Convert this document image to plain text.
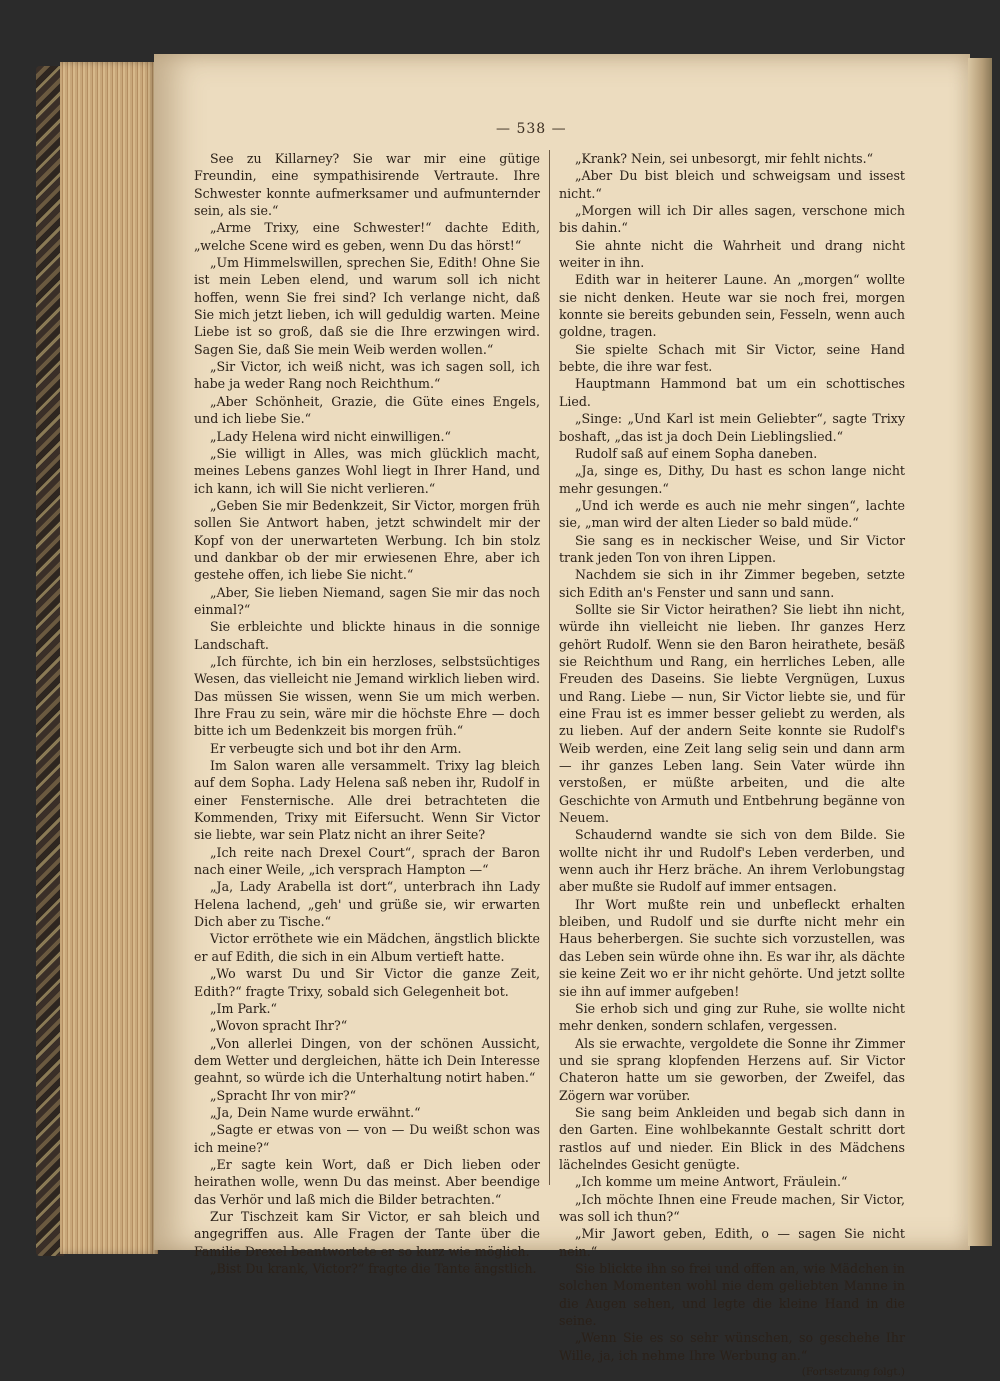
— 538 —

See zu Killarney? Sie war mir eine gütige Freundin, eine sympathisirende Vertraute. Ihre Schwester konnte aufmerksamer und aufmunternder sein, als sie.“

„Arme Trixy, eine Schwester!“ dachte Edith, „welche Scene wird es geben, wenn Du das hörst!“

„Um Himmelswillen, sprechen Sie, Edith! Ohne Sie ist mein Leben elend, und warum soll ich nicht hoffen, wenn Sie frei sind? Ich verlange nicht, daß Sie mich jetzt lieben, ich will geduldig warten. Meine Liebe ist so groß, daß sie die Ihre erzwingen wird. Sagen Sie, daß Sie mein Weib werden wollen.“

„Sir Victor, ich weiß nicht, was ich sagen soll, ich habe ja weder Rang noch Reichthum.“

„Aber Schönheit, Grazie, die Güte eines Engels, und ich liebe Sie.“

„Lady Helena wird nicht einwilligen.“

„Sie willigt in Alles, was mich glücklich macht, meines Lebens ganzes Wohl liegt in Ihrer Hand, und ich kann, ich will Sie nicht verlieren.“

„Geben Sie mir Bedenkzeit, Sir Victor, morgen früh sollen Sie Antwort haben, jetzt schwindelt mir der Kopf von der unerwarteten Werbung. Ich bin stolz und dankbar ob der mir erwiesenen Ehre, aber ich gestehe offen, ich liebe Sie nicht.“

„Aber, Sie lieben Niemand, sagen Sie mir das noch einmal?“

Sie erbleichte und blickte hinaus in die sonnige Landschaft.

„Ich fürchte, ich bin ein herzloses, selbstsüchtiges Wesen, das vielleicht nie Jemand wirklich lieben wird. Das müssen Sie wissen, wenn Sie um mich werben. Ihre Frau zu sein, wäre mir die höchste Ehre — doch bitte ich um Bedenkzeit bis morgen früh.“

Er verbeugte sich und bot ihr den Arm.

Im Salon waren alle versammelt. Trixy lag bleich auf dem Sopha. Lady Helena saß neben ihr, Rudolf in einer Fensternische. Alle drei betrachteten die Kommenden, Trixy mit Eifersucht. Wenn Sir Victor sie liebte, war sein Platz nicht an ihrer Seite?

„Ich reite nach Drexel Court“, sprach der Baron nach einer Weile, „ich versprach Hampton —“

„Ja, Lady Arabella ist dort“, unterbrach ihn Lady Helena lachend, „geh' und grüße sie, wir erwarten Dich aber zu Tische.“

Victor erröthete wie ein Mädchen, ängstlich blickte er auf Edith, die sich in ein Album vertieft hatte.

„Wo warst Du und Sir Victor die ganze Zeit, Edith?“ fragte Trixy, sobald sich Gelegenheit bot.

„Im Park.“

„Wovon spracht Ihr?“

„Von allerlei Dingen, von der schönen Aussicht, dem Wetter und dergleichen, hätte ich Dein Interesse geahnt, so würde ich die Unterhaltung notirt haben.“

„Spracht Ihr von mir?“

„Ja, Dein Name wurde erwähnt.“

„Sagte er etwas von — von — Du weißt schon was ich meine?“

„Er sagte kein Wort, daß er Dich lieben oder heirathen wolle, wenn Du das meinst. Aber beendige das Verhör und laß mich die Bilder betrachten.“

Zur Tischzeit kam Sir Victor, er sah bleich und angegriffen aus. Alle Fragen der Tante über die Familie Drexel beantwortete er so kurz wie möglich.

„Bist Du krank, Victor?“ fragte die Tante ängstlich.

„Krank? Nein, sei unbesorgt, mir fehlt nichts.“

„Aber Du bist bleich und schweigsam und issest nicht.“

„Morgen will ich Dir alles sagen, verschone mich bis dahin.“

Sie ahnte nicht die Wahrheit und drang nicht weiter in ihn.

Edith war in heiterer Laune. An „morgen“ wollte sie nicht denken. Heute war sie noch frei, morgen konnte sie bereits gebunden sein, Fesseln, wenn auch goldne, tragen.

Sie spielte Schach mit Sir Victor, seine Hand bebte, die ihre war fest.

Hauptmann Hammond bat um ein schottisches Lied.

„Singe: „Und Karl ist mein Geliebter“, sagte Trixy boshaft, „das ist ja doch Dein Lieblingslied.“

Rudolf saß auf einem Sopha daneben.

„Ja, singe es, Dithy, Du hast es schon lange nicht mehr gesungen.“

„Und ich werde es auch nie mehr singen“, lachte sie, „man wird der alten Lieder so bald müde.“

Sie sang es in neckischer Weise, und Sir Victor trank jeden Ton von ihren Lippen.

Nachdem sie sich in ihr Zimmer begeben, setzte sich Edith an's Fenster und sann und sann.

Sollte sie Sir Victor heirathen? Sie liebt ihn nicht, würde ihn vielleicht nie lieben. Ihr ganzes Herz gehört Rudolf. Wenn sie den Baron heirathete, besäß sie Reichthum und Rang, ein herrliches Leben, alle Freuden des Daseins. Sie liebte Vergnügen, Luxus und Rang. Liebe — nun, Sir Victor liebte sie, und für eine Frau ist es immer besser geliebt zu werden, als zu lieben. Auf der andern Seite konnte sie Rudolf's Weib werden, eine Zeit lang selig sein und dann arm — ihr ganzes Leben lang. Sein Vater würde ihn verstoßen, er müßte arbeiten, und die alte Geschichte von Armuth und Entbehrung begänne von Neuem.

Schaudernd wandte sie sich von dem Bilde. Sie wollte nicht ihr und Rudolf's Leben verderben, und wenn auch ihr Herz bräche. An ihrem Verlobungstag aber mußte sie Rudolf auf immer entsagen.

Ihr Wort mußte rein und unbefleckt erhalten bleiben, und Rudolf und sie durfte nicht mehr ein Haus beherbergen. Sie suchte sich vorzustellen, was das Leben sein würde ohne ihn. Es war ihr, als dächte sie keine Zeit wo er ihr nicht gehörte. Und jetzt sollte sie ihn auf immer aufgeben!

Sie erhob sich und ging zur Ruhe, sie wollte nicht mehr denken, sondern schlafen, vergessen.

Als sie erwachte, vergoldete die Sonne ihr Zimmer und sie sprang klopfenden Herzens auf. Sir Victor Chateron hatte um sie geworben, der Zweifel, das Zögern war vorüber.

Sie sang beim Ankleiden und begab sich dann in den Garten. Eine wohlbekannte Gestalt schritt dort rastlos auf und nieder. Ein Blick in des Mädchens lächelndes Gesicht genügte.

„Ich komme um meine Antwort, Fräulein.“

„Ich möchte Ihnen eine Freude machen, Sir Victor, was soll ich thun?“

„Mir Jawort geben, Edith, o — sagen Sie nicht nein.“

Sie blickte ihn so frei und offen an, wie Mädchen in solchen Momenten wohl nie dem geliebten Manne in die Augen sehen, und legte die kleine Hand in die seine.

„Wenn Sie es so sehr wünschen, so geschehe Ihr Wille, ja, ich nehme Ihre Werbung an.“

(Fortsetzung folgt.)
